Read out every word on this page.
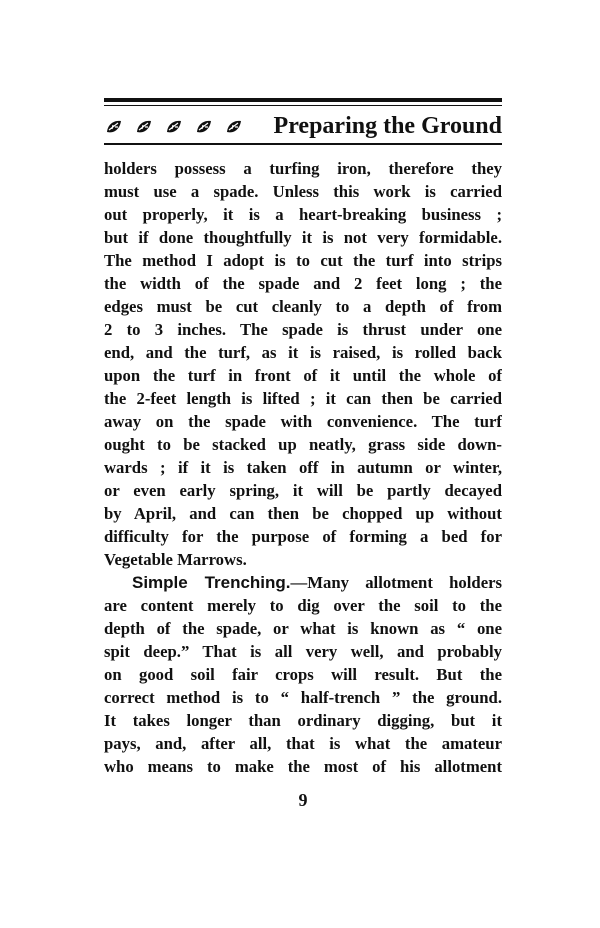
Preparing the Ground
holders possess a turfing iron, therefore they
must use a spade. Unless this work is carried
out properly, it is a heart-breaking business ;
but if done thoughtfully it is not very formidable.
The method I adopt is to cut the turf into strips
the width of the spade and 2 feet long ; the
edges must be cut cleanly to a depth of from
2 to 3 inches. The spade is thrust under one
end, and the turf, as it is raised, is rolled back
upon the turf in front of it until the whole of
the 2-feet length is lifted ; it can then be carried
away on the spade with convenience. The turf
ought to be stacked up neatly, grass side down-
wards ; if it is taken off in autumn or winter,
or even early spring, it will be partly decayed
by April, and can then be chopped up without
difficulty for the purpose of forming a bed for
Vegetable Marrows.
Simple Trenching.—Many allotment holders
are content merely to dig over the soil to the
depth of the spade, or what is known as “ one
spit deep.” That is all very well, and probably
on good soil fair crops will result. But the
correct method is to “ half-trench ” the ground.
It takes longer than ordinary digging, but it
pays, and, after all, that is what the amateur
who means to make the most of his allotment
9
